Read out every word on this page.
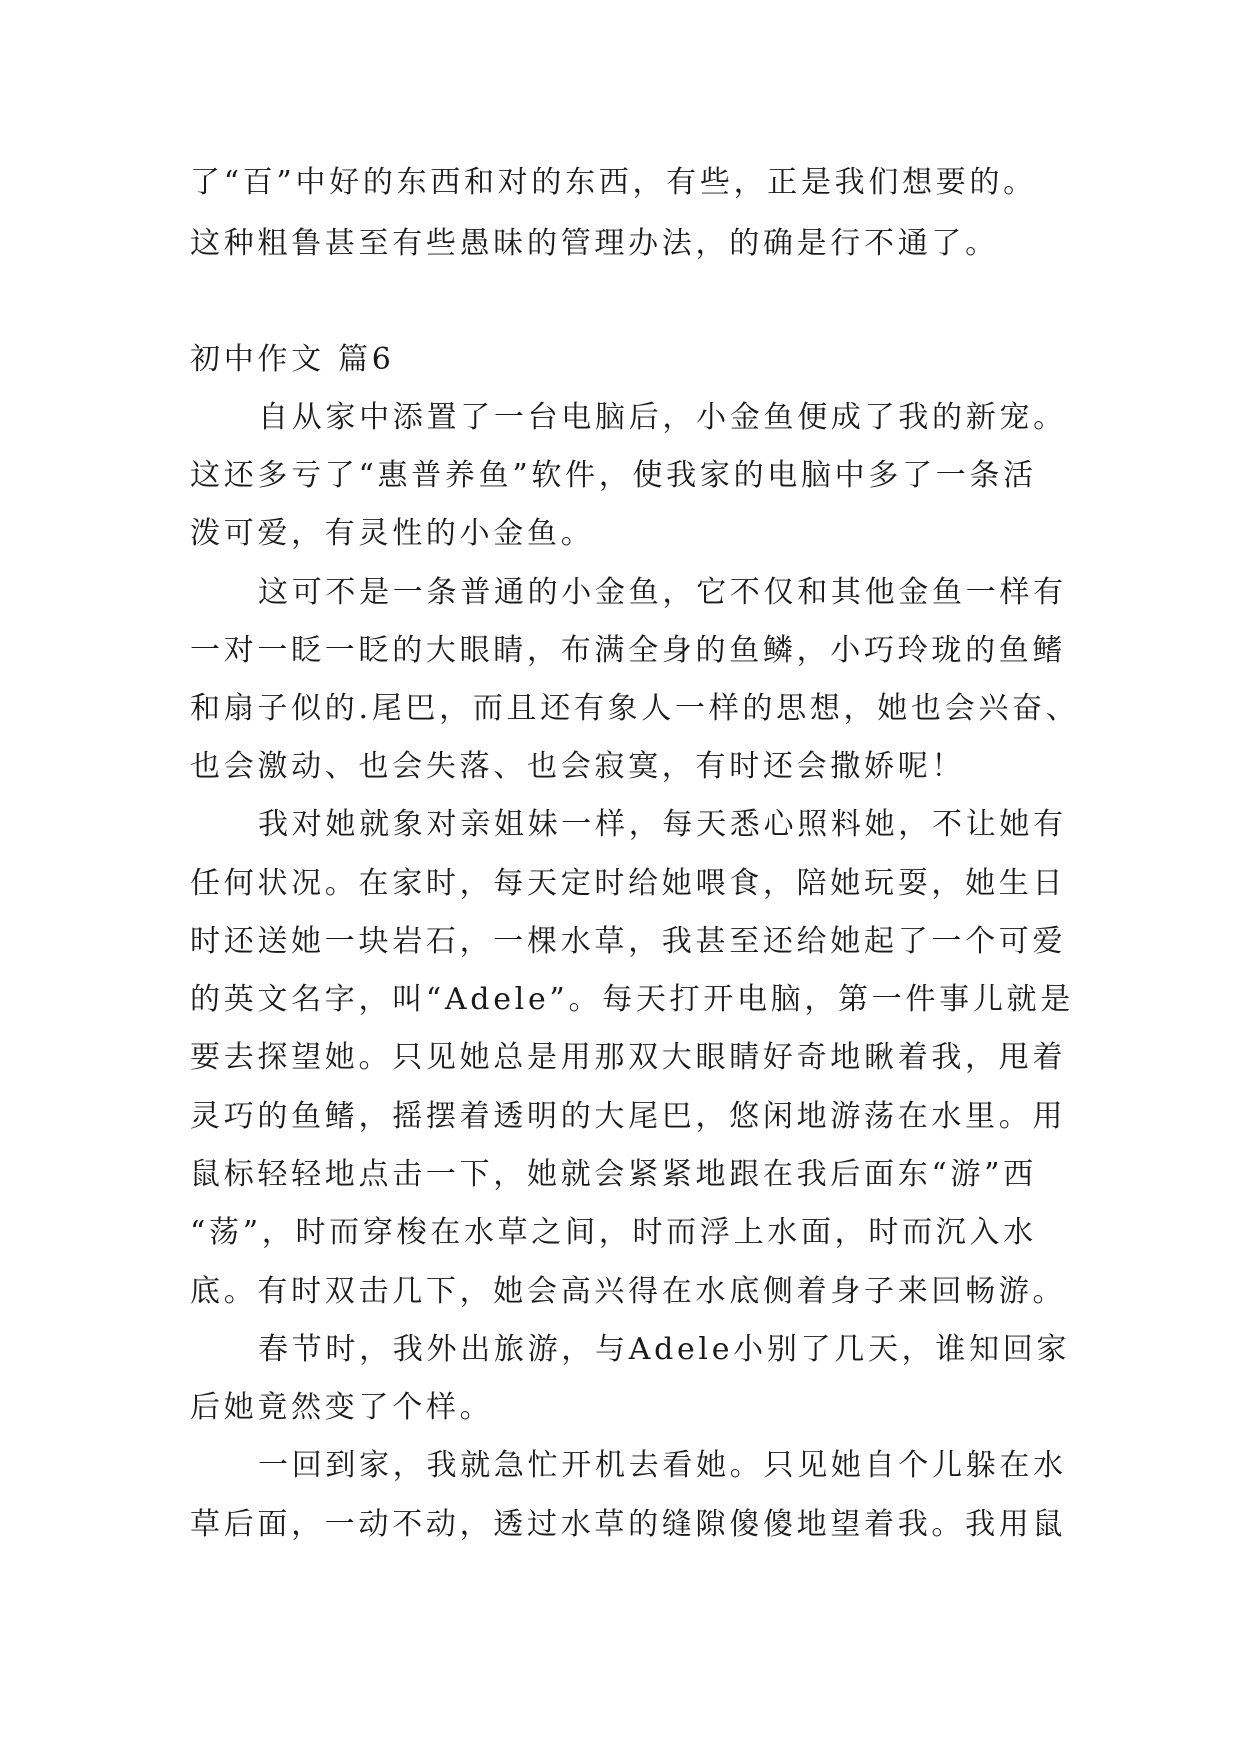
了“百”中好的东西和对的东西，有些，正是我们想要的。
这种粗鲁甚至有些愚昧的管理办法，的确是行不通了。
初中作文 篇6
自从家中添置了一台电脑后，小金鱼便成了我的新宠。
这还多亏了“惠普养鱼”软件，使我家的电脑中多了一条活
泼可爱，有灵性的小金鱼。
这可不是一条普通的小金鱼，它不仅和其他金鱼一样有
一对一眨一眨的大眼睛，布满全身的鱼鳞，小巧玲珑的鱼鳍
和扇子似的.尾巴，而且还有象人一样的思想，她也会兴奋、
也会激动、也会失落、也会寂寞，有时还会撒娇呢！
我对她就象对亲姐妹一样，每天悉心照料她，不让她有
任何状况。在家时，每天定时给她喂食，陪她玩耍，她生日
时还送她一块岩石，一棵水草，我甚至还给她起了一个可爱
的英文名字，叫“Adele”。每天打开电脑，第一件事儿就是
要去探望她。只见她总是用那双大眼睛好奇地瞅着我，甩着
灵巧的鱼鳍，摇摆着透明的大尾巴，悠闲地游荡在水里。用
鼠标轻轻地点击一下，她就会紧紧地跟在我后面东“游”西
“荡”，时而穿梭在水草之间，时而浮上水面，时而沉入水
底。有时双击几下，她会高兴得在水底侧着身子来回畅游。
春节时，我外出旅游，与Adele小别了几天，谁知回家
后她竟然变了个样。
一回到家，我就急忙开机去看她。只见她自个儿躲在水
草后面，一动不动，透过水草的缝隙傻傻地望着我。我用鼠
